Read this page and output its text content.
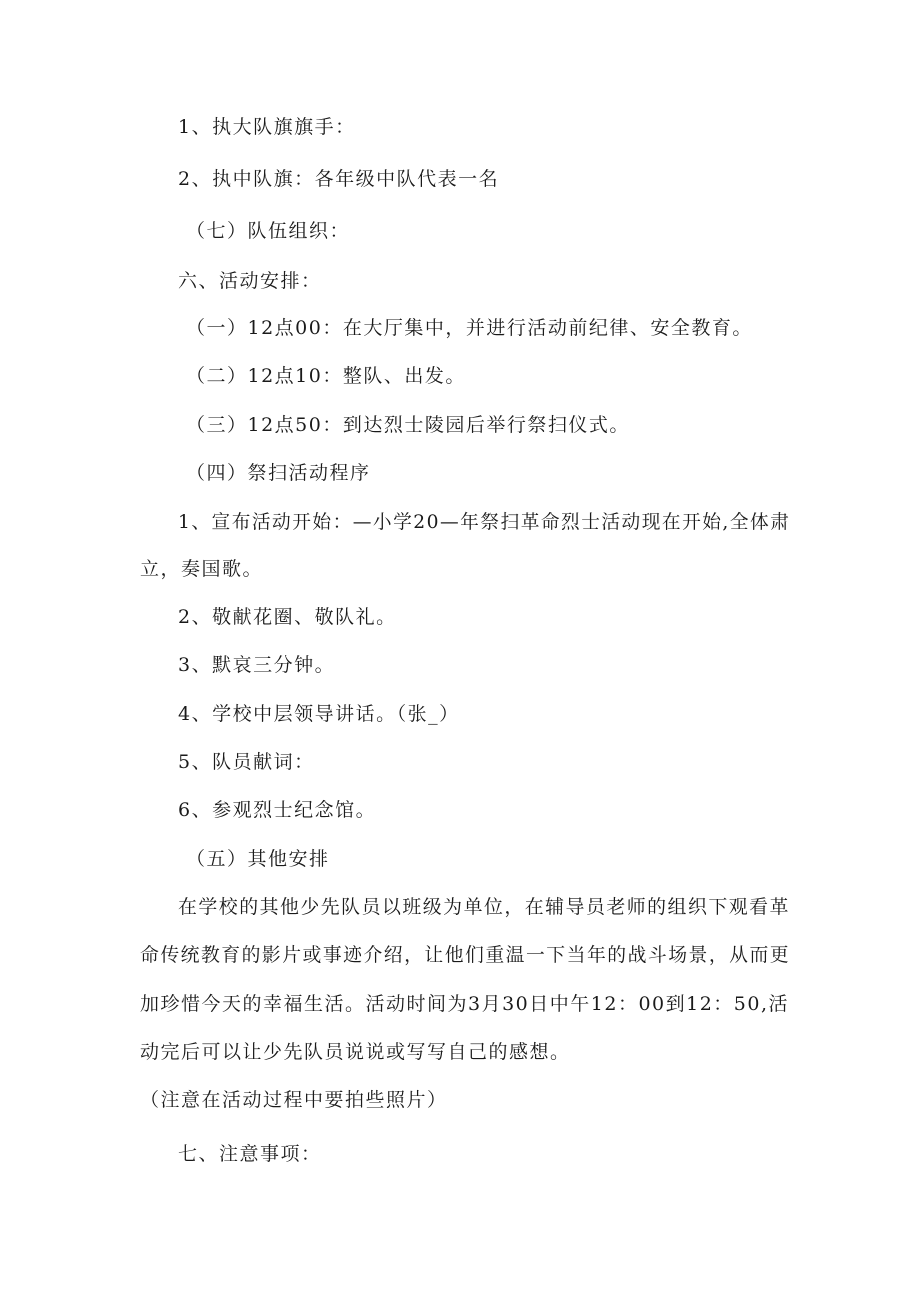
1、执大队旗旗手：
2、执中队旗：各年级中队代表一名
（七）队伍组织：
六、活动安排：
（一）12点00：在大厅集中，并进行活动前纪律、安全教育。
（二）12点10：整队、出发。
（三）12点50：到达烈士陵园后举行祭扫仪式。
（四）祭扫活动程序
1、宣布活动开始：—小学20—年祭扫革命烈士活动现在开始,全体肃
立，奏国歌。
2、敬献花圈、敬队礼。
3、默哀三分钟。
4、学校中层领导讲话。（张_）
5、队员献词：
6、参观烈士纪念馆。
（五）其他安排
在学校的其他少先队员以班级为单位，在辅导员老师的组织下观看革
命传统教育的影片或事迹介绍，让他们重温一下当年的战斗场景，从而更
加珍惜今天的幸福生活。活动时间为3月30日中午12：00到12：50,活
动完后可以让少先队员说说或写写自己的感想。
（注意在活动过程中要拍些照片）
七、注意事项：
